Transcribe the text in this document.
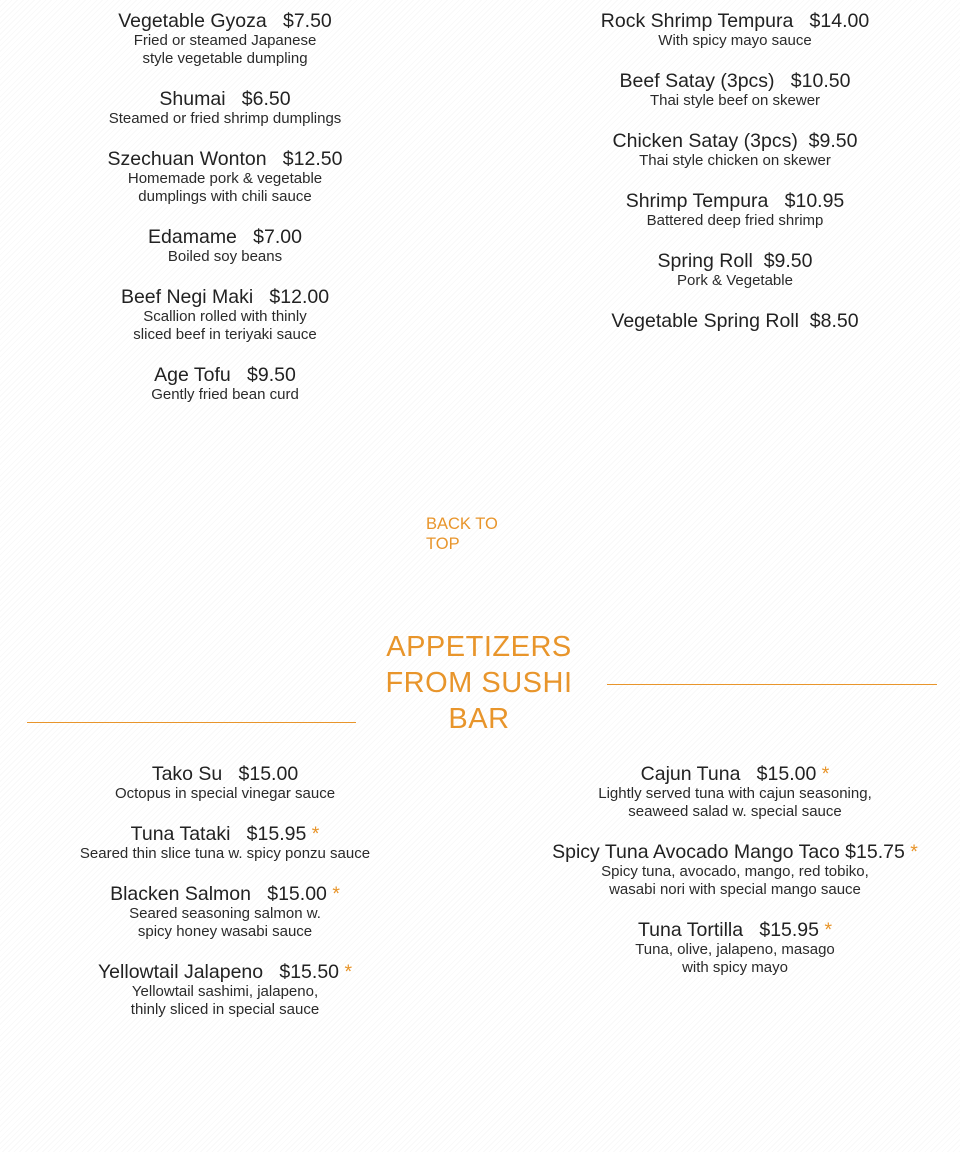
Vegetable Gyoza   $7.50
Fried or steamed Japanese
style vegetable dumpling
Shumai   $6.50
Steamed or fried shrimp dumplings
Szechuan Wonton   $12.50
Homemade pork & vegetable
dumplings with chili sauce
Edamame   $7.00
Boiled soy beans
Beef Negi Maki   $12.00
Scallion rolled with thinly
sliced beef in teriyaki sauce
Age Tofu   $9.50
Gently fried bean curd
Rock Shrimp Tempura   $14.00
With spicy mayo sauce
Beef Satay (3pcs)   $10.50
Thai style beef on skewer
Chicken Satay (3pcs)  $9.50
Thai style chicken on skewer
Shrimp Tempura   $10.95
Battered deep fried shrimp
Spring Roll  $9.50
Pork & Vegetable
Vegetable Spring Roll  $8.50
BACK TO
TOP
APPETIZERS
FROM SUSHI
BAR
Tako Su   $15.00
Octopus in special vinegar sauce
Tuna Tataki   $15.95 *
Seared thin slice tuna w. spicy ponzu sauce
Blacken Salmon   $15.00 *
Seared seasoning salmon w.
spicy honey wasabi sauce
Yellowtail Jalapeno   $15.50 *
Yellowtail sashimi, jalapeno,
thinly sliced in special sauce
Cajun Tuna   $15.00 *
Lightly served tuna with cajun seasoning,
seaweed salad w. special sauce
Spicy Tuna Avocado Mango Taco $15.75 *
Spicy tuna, avocado, mango, red tobiko,
wasabi nori with special mango sauce
Tuna Tortilla   $15.95 *
Tuna, olive, jalapeno, masago
with spicy mayo
